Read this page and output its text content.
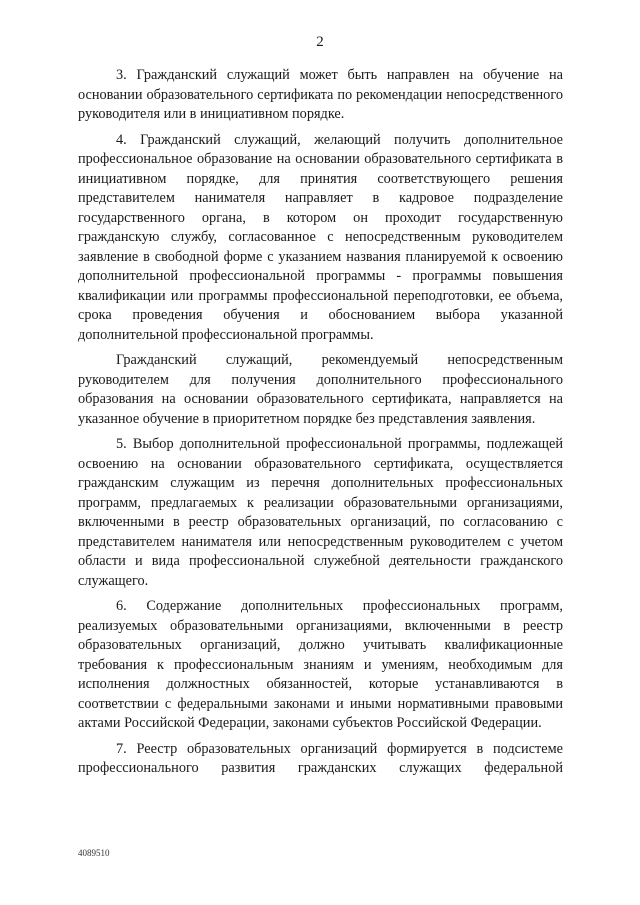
2

3. Гражданский служащий может быть направлен на обучение на основании образовательного сертификата по рекомендации непосредственного руководителя или в инициативном порядке.

4. Гражданский служащий, желающий получить дополнительное профессиональное образование на основании образовательного сертификата в инициативном порядке, для принятия соответствующего решения представителем нанимателя направляет в кадровое подразделение государственного органа, в котором он проходит государственную гражданскую службу, согласованное с непосредственным руководителем заявление в свободной форме с указанием названия планируемой к освоению дополнительной профессиональной программы - программы повышения квалификации или программы профессиональной переподготовки, ее объема, срока проведения обучения и обоснованием выбора указанной дополнительной профессиональной программы.

Гражданский служащий, рекомендуемый непосредственным руководителем для получения дополнительного профессионального образования на основании образовательного сертификата, направляется на указанное обучение в приоритетном порядке без представления заявления.

5. Выбор дополнительной профессиональной программы, подлежащей освоению на основании образовательного сертификата, осуществляется гражданским служащим из перечня дополнительных профессиональных программ, предлагаемых к реализации образовательными организациями, включенными в реестр образовательных организаций, по согласованию с представителем нанимателя или непосредственным руководителем с учетом области и вида профессиональной служебной деятельности гражданского служащего.

6. Содержание дополнительных профессиональных программ, реализуемых образовательными организациями, включенными в реестр образовательных организаций, должно учитывать квалификационные требования к профессиональным знаниям и умениям, необходимым для исполнения должностных обязанностей, которые устанавливаются в соответствии с федеральными законами и иными нормативными правовыми актами Российской Федерации, законами субъектов Российской Федерации.

7. Реестр образовательных организаций формируется в подсистеме профессионального развития гражданских служащих федеральной

4089510
